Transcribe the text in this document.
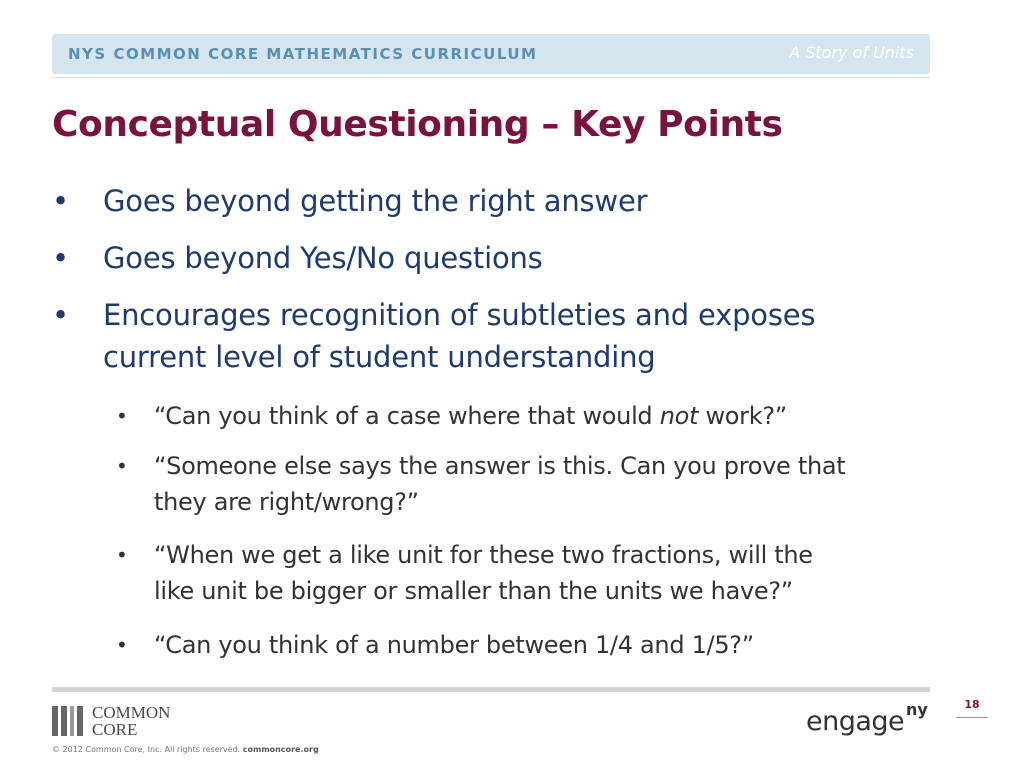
NYS COMMON CORE MATHEMATICS CURRICULUM	A Story of Units
Conceptual Questioning – Key Points

• Goes beyond getting the right answer

• Goes beyond Yes/No questions

• Encourages recognition of subtleties and exposes
current level of student understanding

• “Can you think of a case where that would not work?”

• “Someone else says the answer is this. Can you prove that
they are right/wrong?”

• “When we get a like unit for these two fractions, will the
like unit be bigger or smaller than the units we have?”

• “Can you think of a number between 1/4 and 1/5?”

COMMON
CORE
© 2012 Common Core, Inc. All rights reserved. commoncore.org
engage ny	18
